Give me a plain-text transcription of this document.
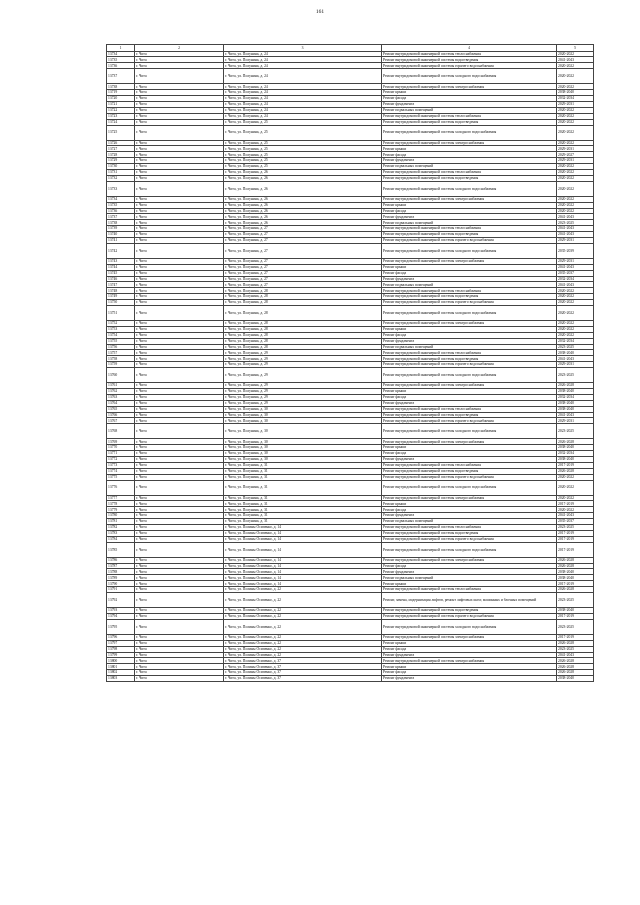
161
1	2	3	4	5
13734	г. Чита	г. Чита, ул. Полунина, д. 24	Ремонт внутридомовой инженерной системы теплоснабжения	2020-2022
13735	г. Чита	г. Чита, ул. Полунина, д. 24	Ремонт внутридомовой инженерной системы водоотведения	2041-2043
13736	г. Чита	г. Чита, ул. Полунина, д. 24	Ремонт внутридомовой инженерной системы горячего водоснабжения	2020-2022
13737	г. Чита	г. Чита, ул. Полунина, д. 24	Ремонт внутридомовой инженерной системы холодного водоснабжения	2020-2022
13738	г. Чита	г. Чита, ул. Полунина, д. 24	Ремонт внутридомовой инженерной системы электроснабжения	2020-2022
13719	г. Чита	г. Чита, ул. Полунина, д. 24	Ремонт крыши	2038-2040
13720	г. Чита	г. Чита, ул. Полунина, д. 24	Ремонт фасада	2032-2034
13721	г. Чита	г. Чита, ул. Полунина, д. 24	Ремонт фундамента	2029-2031
13722	г. Чита	г. Чита, ул. Полунина, д. 24	Ремонт подвальных помещений	2020-2022
13723	г. Чита	г. Чита, ул. Полунина, д. 24	Ремонт внутридомовой инженерной системы теплоснабжения	2020-2022
13724	г. Чита	г. Чита, ул. Полунина, д. 25	Ремонт внутридомовой инженерной системы водоотведения	2020-2022
13725	г. Чита	г. Чита, ул. Полунина, д. 25	Ремонт внутридомовой инженерной системы холодного водоснабжения	2020-2022
13726	г. Чита	г. Чита, ул. Полунина, д. 25	Ремонт внутридомовой инженерной системы электроснабжения	2020-2022
13727	г. Чита	г. Чита, ул. Полунина, д. 25	Ремонт крыши	2029-2031
13728	г. Чита	г. Чита, ул. Полунина, д. 25	Ремонт фасада	2029-2027
13729	г. Чита	г. Чита, ул. Полунина, д. 25	Ремонт фундамента	2029-2031
13730	г. Чита	г. Чита, ул. Полунина, д. 25	Ремонт подвальных помещений	2020-2022
13731	г. Чита	г. Чита, ул. Полунина, д. 26	Ремонт внутридомовой инженерной системы теплоснабжения	2020-2022
13732	г. Чита	г. Чита, ул. Полунина, д. 26	Ремонт внутридомовой инженерной системы водоотведения	2020-2022
13733	г. Чита	г. Чита, ул. Полунина, д. 26	Ремонт внутридомовой инженерной системы холодного водоснабжения	2020-2022
13734	г. Чита	г. Чита, ул. Полунина, д. 26	Ремонт внутридомовой инженерной системы электроснабжения	2020-2022
13735	г. Чита	г. Чита, ул. Полунина, д. 26	Ремонт крыши	2020-2022
13736	г. Чита	г. Чита, ул. Полунина, д. 26	Ремонт фасада	2020-2022
13737	г. Чита	г. Чита, ул. Полунина, д. 26	Ремонт фундамента	2041-2043
13738	г. Чита	г. Чита, ул. Полунина, д. 26	Ремонт подвальных помещений	2023-2025
13739	г. Чита	г. Чита, ул. Полунина, д. 27	Ремонт внутридомовой инженерной системы теплоснабжения	2041-2043
13740	г. Чита	г. Чита, ул. Полунина, д. 27	Ремонт внутридомовой инженерной системы водоотведения	2041-2043
13741	г. Чита	г. Чита, ул. Полунина, д. 27	Ремонт внутридомовой инженерной системы горячего водоснабжения	2029-2031
13742	г. Чита	г. Чита, ул. Полунина, д. 27	Ремонт внутридомовой инженерной системы холодного водоснабжения	2035-2039
13743	г. Чита	г. Чита, ул. Полунина, д. 27	Ремонт внутридомовой инженерной системы электроснабжения	2029-2031
13744	г. Чита	г. Чита, ул. Полунина, д. 27	Ремонт крыши	2041-2043
13745	г. Чита	г. Чита, ул. Полунина, д. 27	Ремонт фасада	2035-2037
13746	г. Чита	г. Чита, ул. Полунина, д. 27	Ремонт фундамента	2032-2034
13747	г. Чита	г. Чита, ул. Полунина, д. 27	Ремонт подвальных помещений	2041-2043
13748	г. Чита	г. Чита, ул. Полунина, д. 28	Ремонт внутридомовой инженерной системы теплоснабжения	2020-2022
13749	г. Чита	г. Чита, ул. Полунина, д. 28	Ремонт внутридомовой инженерной системы водоотведения	2020-2022
13750	г. Чита	г. Чита, ул. Полунина, д. 28	Ремонт внутридомовой инженерной системы горячего водоснабжения	2020-2022
13751	г. Чита	г. Чита, ул. Полунина, д. 28	Ремонт внутридомовой инженерной системы холодного водоснабжения	2020-2022
13752	г. Чита	г. Чита, ул. Полунина, д. 28	Ремонт внутридомовой инженерной системы электроснабжения	2020-2022
13753	г. Чита	г. Чита, ул. Полунина, д. 28	Ремонт крыши	2020-2022
13754	г. Чита	г. Чита, ул. Полунина, д. 28	Ремонт фасада	2020-2022
13755	г. Чита	г. Чита, ул. Полунина, д. 28	Ремонт фундамента	2032-2034
13756	г. Чита	г. Чита, ул. Полунина, д. 28	Ремонт подвальных помещений	2023-2025
13757	г. Чита	г. Чита, ул. Полунина, д. 29	Ремонт внутридомовой инженерной системы теплоснабжения	2038-2040
13758	г. Чита	г. Чита, ул. Полунина, д. 29	Ремонт внутридомовой инженерной системы водоотведения	2041-2043
13759	г. Чита	г. Чита, ул. Полунина, д. 29	Ремонт внутридомовой инженерной системы горячего водоснабжения	2029-2031
13760	г. Чита	г. Чита, ул. Полунина, д. 29	Ремонт внутридомовой инженерной системы холодного водоснабжения	2023-2025
13761	г. Чита	г. Чита, ул. Полунина, д. 29	Ремонт внутридомовой инженерной системы электроснабжения	2026-2028
13762	г. Чита	г. Чита, ул. Полунина, д. 29	Ремонт крыши	2038-2040
13763	г. Чита	г. Чита, ул. Полунина, д. 29	Ремонт фасада	2032-2034
13764	г. Чита	г. Чита, ул. Полунина, д. 29	Ремонт фундамента	2038-2040
13765	г. Чита	г. Чита, ул. Полунина, д. 30	Ремонт внутридомовой инженерной системы теплоснабжения	2038-2040
13766	г. Чита	г. Чита, ул. Полунина, д. 30	Ремонт внутридомовой инженерной системы водоотведения	2041-2043
13767	г. Чита	г. Чита, ул. Полунина, д. 30	Ремонт внутридомовой инженерной системы горячего водоснабжения	2029-2031
13768	г. Чита	г. Чита, ул. Полунина, д. 30	Ремонт внутридомовой инженерной системы холодного водоснабжения	2023-2025
13769	г. Чита	г. Чита, ул. Полунина, д. 30	Ремонт внутридомовой инженерной системы электроснабжения	2026-2028
13770	г. Чита	г. Чита, ул. Полунина, д. 30	Ремонт крыши	2038-2040
13771	г. Чита	г. Чита, ул. Полунина, д. 30	Ремонт фасада	2032-2034
13772	г. Чита	г. Чита, ул. Полунина, д. 30	Ремонт фундамента	2038-2040
13773	г. Чита	г. Чита, ул. Полунина, д. 31	Ремонт внутридомовой инженерной системы теплоснабжения	2017-2019
13774	г. Чита	г. Чита, ул. Полунина, д. 31	Ремонт внутридомовой инженерной системы водоотведения	2026-2028
13775	г. Чита	г. Чита, ул. Полунина, д. 31	Ремонт внутридомовой инженерной системы горячего водоснабжения	2020-2022
13776	г. Чита	г. Чита, ул. Полунина, д. 31	Ремонт внутридомовой инженерной системы холодного водоснабжения	2020-2022
13777	г. Чита	г. Чита, ул. Полунина, д. 31	Ремонт внутридомовой инженерной системы электроснабжения	2020-2022
13778	г. Чита	г. Чита, ул. Полунина, д. 31	Ремонт крыши	2017-2019
13779	г. Чита	г. Чита, ул. Полунина, д. 31	Ремонт фасада	2020-2022
13780	г. Чита	г. Чита, ул. Полунина, д. 31	Ремонт фундамента	2041-2043
13781	г. Чита	г. Чита, ул. Полунина, д. 31	Ремонт подвальных помещений	2035-2037
13782	г. Чита	г. Чита, ул. Полины Осипенко, д. 14	Ремонт внутридомовой инженерной системы теплоснабжения	2023-2025
13783	г. Чита	г. Чита, ул. Полины Осипенко, д. 14	Ремонт внутридомовой инженерной системы водоотведения	2017-2019
13784	г. Чита	г. Чита, ул. Полины Осипенко, д. 14	Ремонт внутридомовой инженерной системы горячего водоснабжения	2017-2019
13785	г. Чита	г. Чита, ул. Полины Осипенко, д. 14	Ремонт внутридомовой инженерной системы холодного водоснабжения	2017-2019
13786	г. Чита	г. Чита, ул. Полины Осипенко, д. 14	Ремонт внутридомовой инженерной системы электроснабжения	2026-2028
13787	г. Чита	г. Чита, ул. Полины Осипенко, д. 14	Ремонт фасада	2026-2028
13788	г. Чита	г. Чита, ул. Полины Осипенко, д. 14	Ремонт фундамента	2038-2040
13789	г. Чита	г. Чита, ул. Полины Осипенко, д. 14	Ремонт подвальных помещений	2038-2040
13790	г. Чита	г. Чита, ул. Полины Осипенко, д. 14	Ремонт крыши	2017-2019
13791	г. Чита	г. Чита, ул. Полины Осипенко, д. 22	Ремонт внутридомовой инженерной системы теплоснабжения	2026-2028
13792	г. Чита	г. Чита, ул. Полины Осипенко, д. 22	Ремонт, замена, модернизация лифтов, ремонт лифтовых шахт, машинных и блочных помещений	2023-2025
13793	г. Чита	г. Чита, ул. Полины Осипенко, д. 22	Ремонт внутридомовой инженерной системы водоотведения	2038-2040
13794	г. Чита	г. Чита, ул. Полины Осипенко, д. 22	Ремонт внутридомовой инженерной системы горячего водоснабжения	2017-2019
13795	г. Чита	г. Чита, ул. Полины Осипенко, д. 22	Ремонт внутридомовой инженерной системы холодного водоснабжения	2023-2025
13796	г. Чита	г. Чита, ул. Полины Осипенко, д. 22	Ремонт внутридомовой инженерной системы электроснабжения	2017-2019
13797	г. Чита	г. Чита, ул. Полины Осипенко, д. 22	Ремонт крыши	2026-2028
13798	г. Чита	г. Чита, ул. Полины Осипенко, д. 22	Ремонт фасада	2023-2025
13799	г. Чита	г. Чита, ул. Полины Осипенко, д. 22	Ремонт фундамента	2041-2043
13800	г. Чита	г. Чита, ул. Полины Осипенко, д. 37	Ремонт внутридомовой инженерной системы электроснабжения	2026-2028
13801	г. Чита	г. Чита, ул. Полины Осипенко, д. 37	Ремонт крыши	2026-2028
13802	г. Чита	г. Чита, ул. Полины Осипенко, д. 37	Ремонт фасада	2026-2028
13803	г. Чита	г. Чита, ул. Полины Осипенко, д. 37	Ремонт фундамента	2038-2040
